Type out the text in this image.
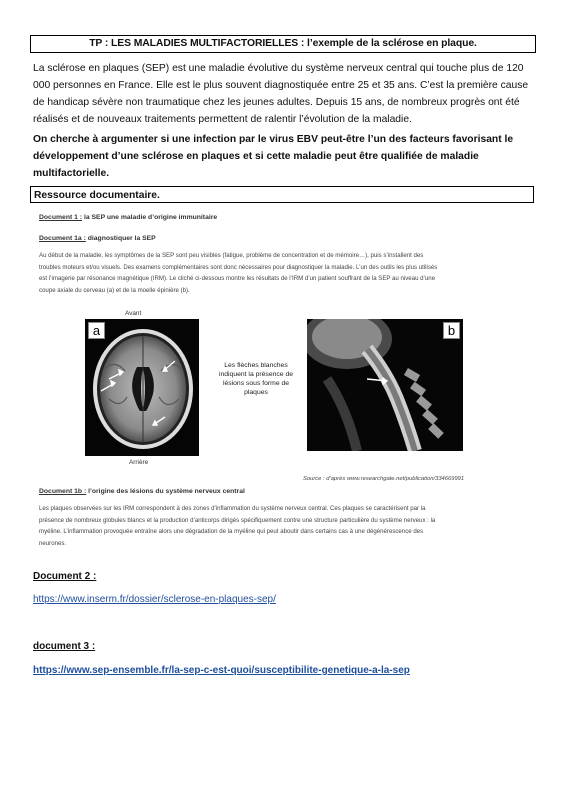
TP : LES MALADIES MULTIFACTORIELLES : l’exemple de la sclérose en plaque.
La sclérose en plaques (SEP) est une maladie évolutive du système nerveux central qui touche plus de 120
000 personnes en France. Elle est le plus souvent diagnostiquée entre 25 et 35 ans. C’est la première cause
de handicap sévère non traumatique chez les jeunes adultes. Depuis 15 ans, de nombreux progrès ont été
réalisés et de nouveaux traitements permettent de ralentir l’évolution de la maladie.
On cherche à argumenter si une infection par le virus EBV peut-être l’un des facteurs favorisant le
développement d’une sclérose en plaques et si cette maladie peut être qualifiée de maladie
multifactorielle.
Ressource documentaire.
Document 1 : la SEP une maladie d’origine immunitaire
Document 1a : diagnostiquer la SEP
Au début de la maladie, les symptômes de la SEP sont peu visibles (fatigue, problème de concentration et de mémoire…), puis s’installent des
troubles moteurs et/ou visuels. Des examens complémentaires sont donc nécessaires pour diagnostiquer la maladie. L’un des outils les plus utilisés
est l’imagerie par résonance magnétique (IRM). Le cliché ci-dessous montre les résultats de l’IRM d’un patient souffrant de la SEP au niveau d’une
coupe axiale du cerveau (a) et de la moelle épinière (b).
Avant
a
Arrière
Les flèches blanches indiquent la présence de lésions sous forme de plaques
b
Source : d’après www.researchgate.net/publication/334669991
Document 1b : l’origine des lésions du système nerveux central
Les plaques observées sur les IRM correspondent à des zones d’inflammation du système nerveux central. Ces plaques se caractérisent par la
présence de nombreux globules blancs et la production d’anticorps dirigés spécifiquement contre une structure particulière du système nerveux : la
myéline. L’inflammation provoquée entraîne alors une dégradation de la myéline qui peut aboutir dans certains cas à une dégénérescence des
neurones.
Document 2 :
https://www.inserm.fr/dossier/sclerose-en-plaques-sep/
document 3 :
https://www.sep-ensemble.fr/la-sep-c-est-quoi/susceptibilite-genetique-a-la-sep
